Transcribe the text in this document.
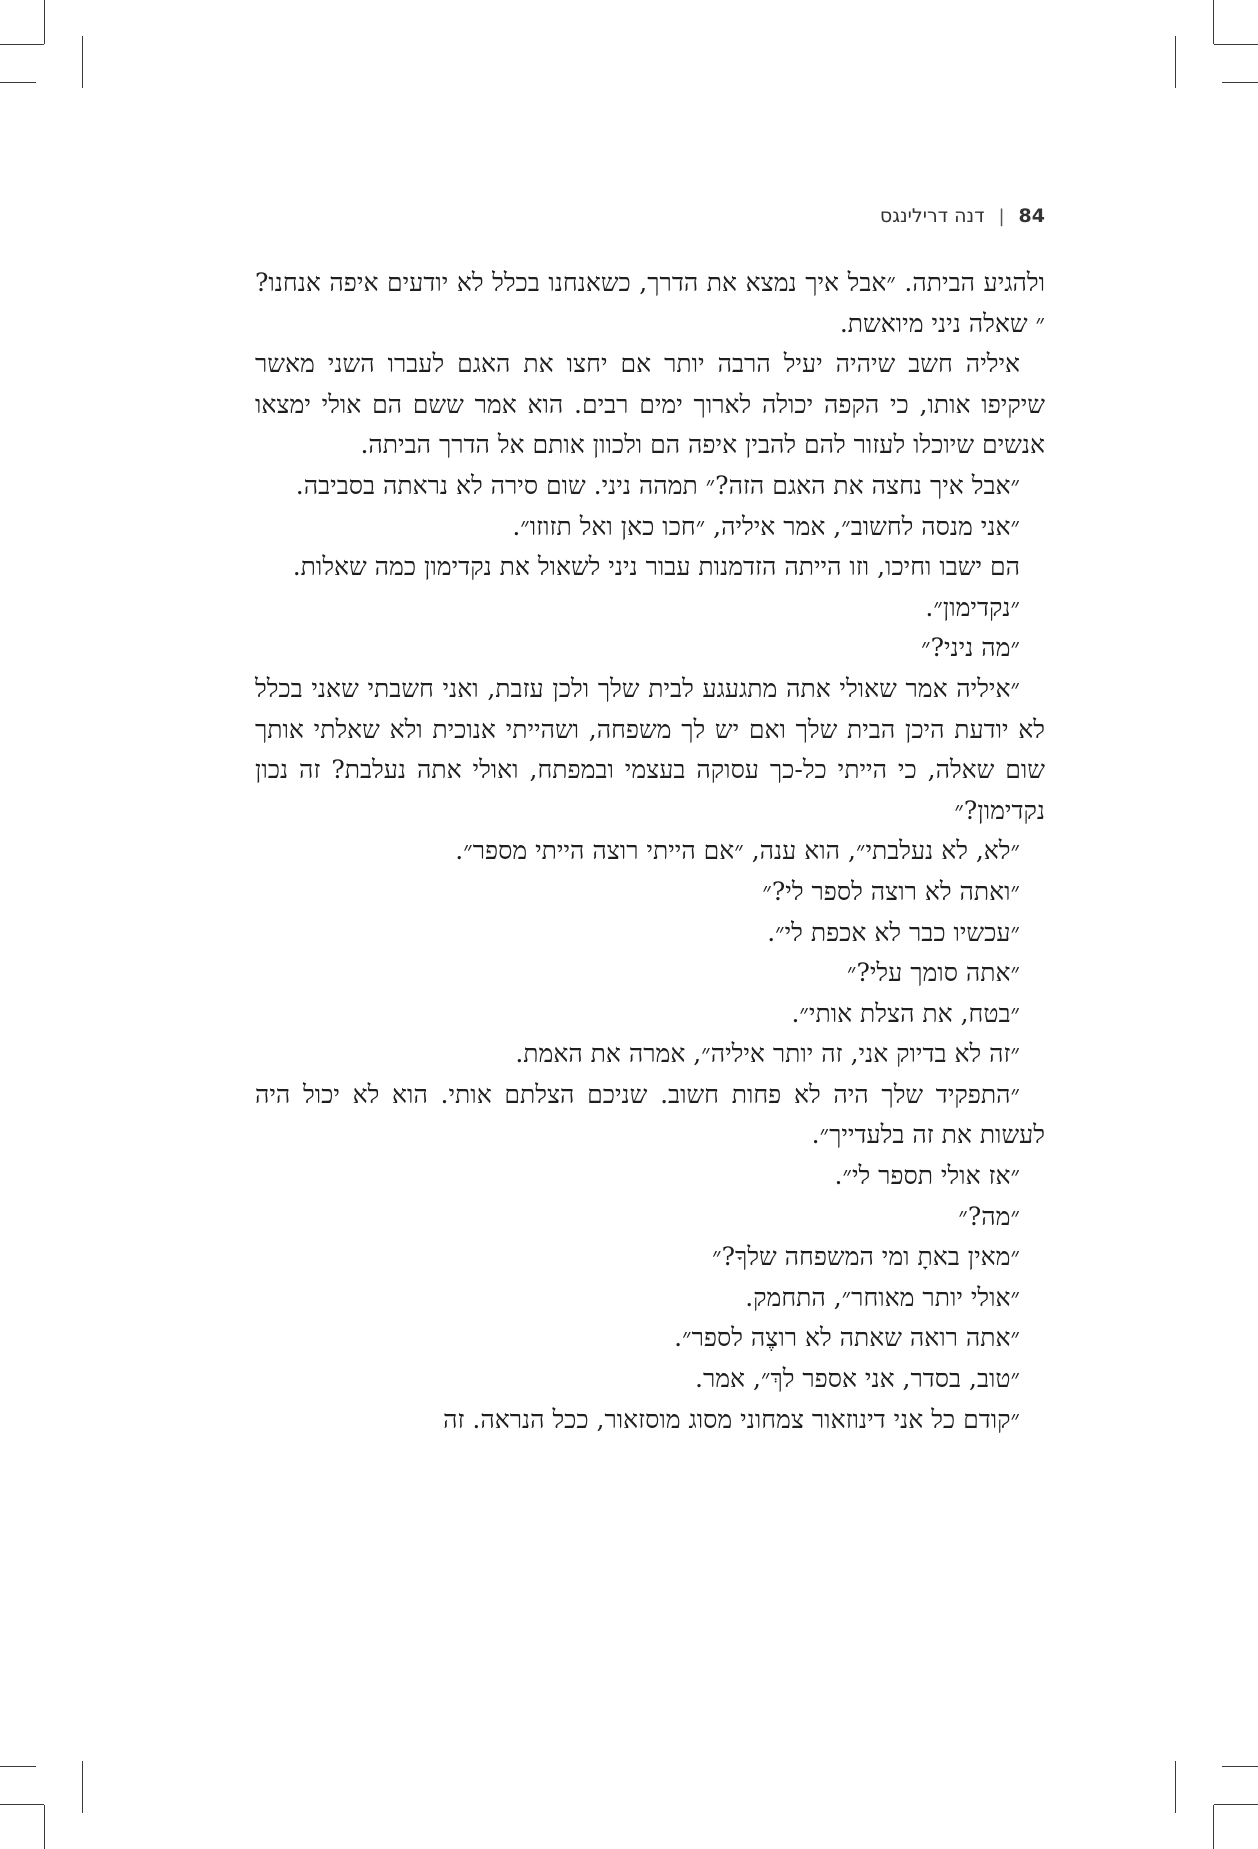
84
|
דנה דרילינגס

ולהגיע הביתה. ״אבל איך נמצא את הדרך, כשאנחנו בכלל לא יודעים איפה אנחנו?״ שאלה ניני מיואשת.

איליה חשב שיהיה יעיל הרבה יותר אם יחצו את האגם לעברו השני מאשר שיקיפו אותו, כי הקפה יכולה לארוך ימים רבים. הוא אמר ששם הם אולי ימצאו אנשים שיוכלו לעזור להם להבין איפה הם ולכוון אותם אל הדרך הביתה.

״אבל איך נחצה את האגם הזה?״ תמהה ניני. שום סירה לא נראתה בסביבה.

״אני מנסה לחשוב״, אמר איליה, ״חכו כאן ואל תזוזו״.

הם ישבו וחיכו, וזו הייתה הזדמנות עבור ניני לשאול את נקדימון כמה שאלות.

״נקדימון״.

״מה ניני?״

״איליה אמר שאולי אתה מתגעגע לבית שלך ולכן עזבת, ואני חשבתי שאני בכלל לא יודעת היכן הבית שלך ואם יש לך משפחה, ושהייתי אנוכית ולא שאלתי אותך שום שאלה, כי הייתי כל-כך עסוקה בעצמי ובמפתח, ואולי אתה נעלבת? זה נכון נקדימון?״

״לא, לא נעלבתי״, הוא ענה, ״אם הייתי רוצה הייתי מספר״.

״ואתה לא רוצה לספר לי?״

״עכשיו כבר לא אכפת לי״.

״אתה סומך עלי?״

״בטח, את הצלת אותי״.

״זה לא בדיוק אני, זה יותר איליה״, אמרה את האמת.

״התפקיד שלך היה לא פחות חשוב. שניכם הצלתם אותי. הוא לא יכול היה לעשות את זה בלעדייך״.

״אז אולי תספר לי״.

״מה?״

״מאין באתָ ומי המשפחה שלךָ?״

״אולי יותר מאוחר״, התחמק.

״אתה רואה שאתה לא רוצֶה לספר״.

״טוב, בסדר, אני אספר לךְ״, אמר.

״קודם כל אני דינוזאור צמחוני מסוג מוסזאור, ככל הנראה. זה
